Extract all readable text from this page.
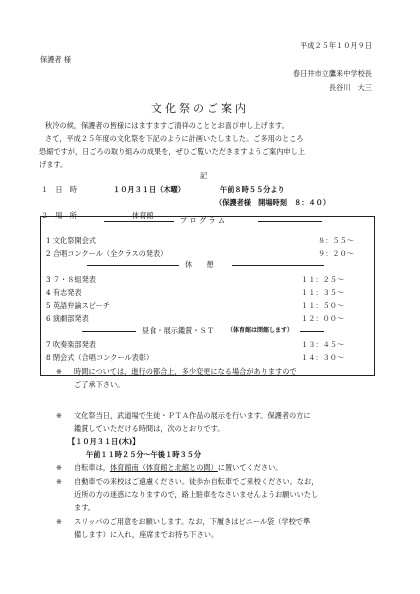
平成２５年１０月９日
保護者 様
春日井市立鷹来中学校長
長谷川　大三
文化祭のご案内
秋冷の候，保護者の皆様にはますますご清祥のこととお喜び申し上げます。
さて，平成２５年度の文化祭を下記のように計画いたしました。ご多用のところ
恐縮ですが，日ごろの取り組みの成果を，ぜひご覧いただきますようご案内申し上
げます。
記
１　日　時	１０月３１日（木曜）	午前８時５５分より
（保護者様　開場時刻　８：４０）
２　場　所	体育館
プ ロ グ ラ ム
1 文化祭開会式	８：５５～
2 合唱コンクール（全クラスの発表）	９：２０～
休　　憩
3 ７・８組発表	１１：２５～
4 有志発表	１１：３５～
5 英語弁論スピーチ	１１：５０～
6 演劇部発表	１２：００～
昼食・展示鑑賞・ＳＴ （体育館は閉館します）
7 吹奏楽部発表	１３：４５～
8 閉会式（合唱コンクール表彰）	１４：３０～
※ 時間については，進行の都合上，多少変更になる場合がありますので
ご了承下さい。
※ 文化祭当日，武道場で生徒・ＰＴＡ作品の展示を行います。保護者の方に
鑑賞していただける時間は，次のとおりです。
【１０月３１日(木)】
午前１１時２５分～午後１時３５分
※ 自転車は，体育館南（体育館と北館との間）に置いてください。
※ 自動車での来校はご遠慮ください。徒歩か自転車でご来校ください。なお，
近所の方の迷惑になりますので，路上駐車をなさいませんようお願いいたし
ます。
※ スリッパのご用意をお願いします。なお，下履きはビニール袋（学校で準
備します）に入れ，座席までお持ち下さい。
